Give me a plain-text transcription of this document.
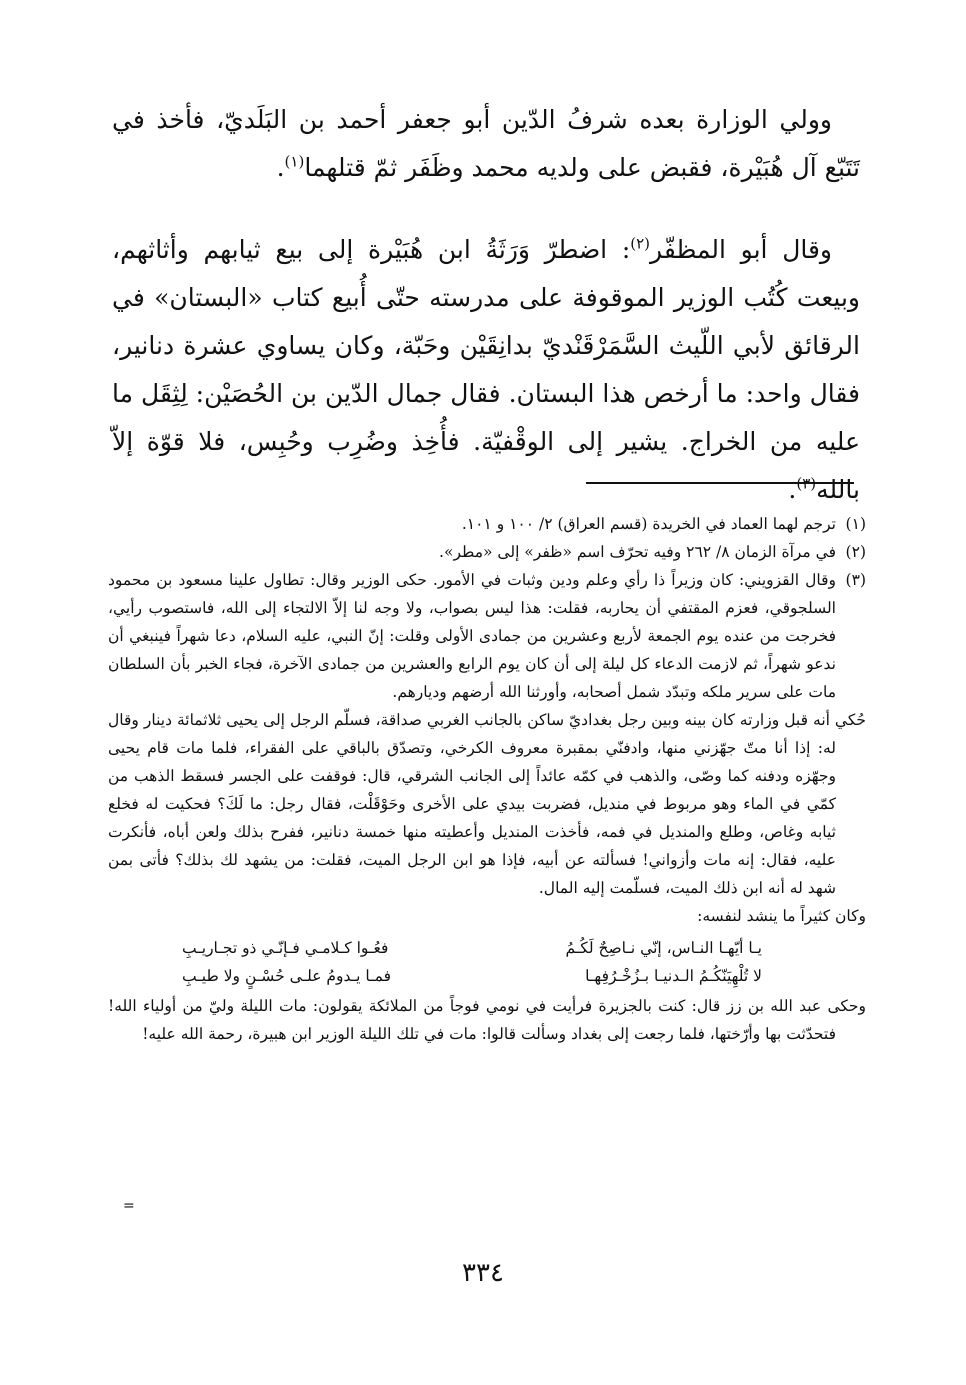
وولي الوزارة بعده شرفُ الدّين أبو جعفر أحمد بن البَلَديّ، فأخذ في تَتَبّع آل هُبَيْرة، فقبض على ولديه محمد وظَفَر ثمّ قتلهما$^{(١)}$.

وقال أبو المظفّر$^{(٢)}$: اضطرّ وَرَثَةُ ابن هُبَيْرة إلى بيع ثيابهم وأثاثهم، وبيعت كُتُب الوزير الموقوفة على مدرسته حتّى أُبيع كتاب «البستان» في الرقائق لأبي اللّيث السَّمَرْقَنْديّ بدانِقَيْن وحَبّة، وكان يساوي عشرة دنانير، فقال واحد: ما أرخص هذا البستان. فقال جمال الدّين بن الحُصَيْن: لِثِقَل ما عليه من الخراج. يشير إلى الوقْفيّة. فأُخِذ وضُرِب وحُبِس، فلا قوّة إلاّ بالله$^{(٣)}$.

(١)

ترجم لهما العماد في الخريدة (قسم العراق) ٢/ ١٠٠ و ١٠١.

(٢)

في مرآة الزمان ٨/ ٢٦٢ وفيه تحرّف اسم «ظفر» إلى «مطر».

(٣)

وقال القزويني: كان وزيراً ذا رأي وعلم ودين وثبات في الأمور. حكى الوزير وقال: تطاول علينا مسعود بن محمود السلجوقي، فعزم المقتفي أن يحاربه، فقلت: هذا ليس بصواب، ولا وجه لنا إلاّ الالتجاء إلى الله، فاستصوب رأيي، فخرجت من عنده يوم الجمعة لأربع وعشرين من جمادى الأولى وقلت: إنّ النبي، عليه السلام، دعا شهراً فينبغي أن ندعو شهراً، ثم لازمت الدعاء كل ليلة إلى أن كان يوم الرابع والعشرين من جمادى الآخرة، فجاء الخبر بأن السلطان مات على سرير ملكه وتبدّد شمل أصحابه، وأورثنا الله أرضهم وديارهم.

حُكي أنه قبل وزارته كان بينه وبين رجل بغداديّ ساكن بالجانب الغربي صداقة، فسلّم الرجل إلى يحيى ثلاثمائة دينار وقال له: إذا أنا متّ جهّزني منها، وادفنّي بمقبرة معروف الكرخي، وتصدّق بالباقي على الفقراء، فلما مات قام يحيى وجهّزه ودفنه كما وصّى، والذهب في كمّه عائداً إلى الجانب الشرقي، قال: فوقفت على الجسر فسقط الذهب من كمّي في الماء وهو مربوط في منديل، فضربت بيدي على الأخرى وحَوْقَلْت، فقال رجل: ما لَكَ؟ فحكيت له فخلع ثيابه وغاص، وطلع والمنديل في فمه، فأخذت المنديل وأعطيته منها خمسة دنانير، ففرح بذلك ولعن أباه، فأنكرت عليه، فقال: إنه مات وأزواني! فسألته عن أبيه، فإذا هو ابن الرجل الميت، فقلت: من يشهد لك بذلك؟ فأتى بمن شهد له أنه ابن ذلك الميت، فسلّمت إليه المال.

وكان كثيراً ما ينشد لنفسه:

يـا أيّهـا النـاس، إنّي نـاصِحٌ لَكُـمُ
فعُـوا كـلامـي فـإنّـي ذو تجـاريـبِ
لا تُلْهِيَنّكُـمُ الـدنيـا بـزُخْـرُفِهـا
فمـا يـدومُ علـى حُسْـنٍ ولا طيـبِ

وحكى عبد الله بن زز قال: كنت بالجزيرة فرأيت في نومي فوجاً من الملائكة يقولون: مات الليلة وليّ من أولياء الله! فتحدّثت بها وأرّختها، فلما رجعت إلى بغداد وسألت قالوا: مات في تلك الليلة الوزير ابن هبيرة، رحمة الله عليه!

=
٣٣٤
